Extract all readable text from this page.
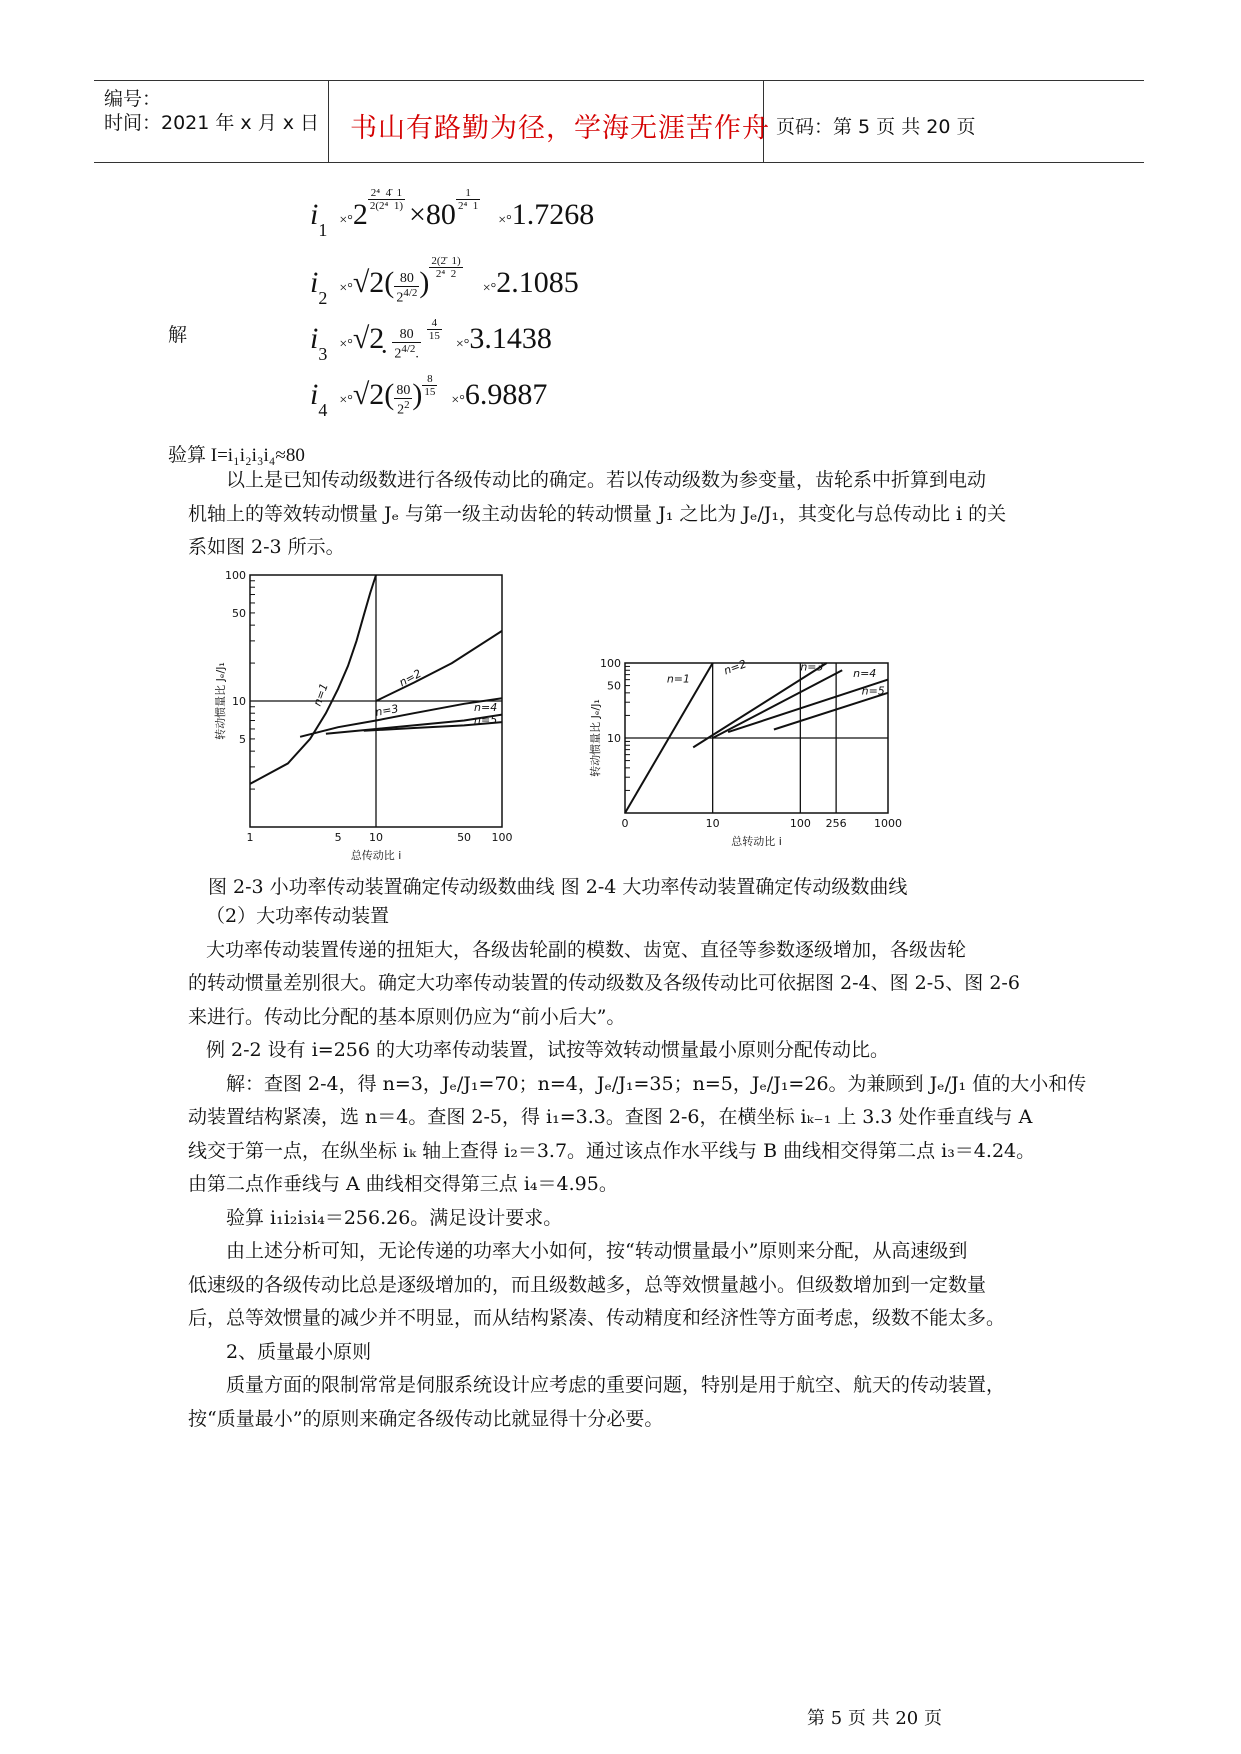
编号：
时间：2021 年 x 月 x 日 书山有路勤为径，学海无涯苦作舟 页码：第 5 页 共 20 页
解
i1 ×°2 $^{\frac{\text{2⁴  4̄  1}}{\text{2(2⁴  1)}}}$ ×80 $^{\frac{1}{\text{2⁴  1}}}$
×°1.7268
$i2 \times^\circ√2( \frac{80}{2^{4/2}}$ ) $^{\frac{2(2̄ 1)}{\text{2⁴  2}}}$
×°2.1085
i3 ×°√2̣ $\frac{80}{2^{4/2}.} ^{\frac{4}{15}}$
×°3.1438
$i4 \times^\circ√2( \frac{80}{2^2}$ ) $^{\frac{8}{15}}$
×°6.9887
验算 I=i₁i₂i₃i₄≈80
以上是已知传动级数进行各级传动比的确定。若以传动级数为参变量，齿轮系中折算到电动
机轴上的等效转动惯量 Jₑ 与第一级主动齿轮的转动惯量 J₁ 之比为 Jₑ/J₁，其变化与总传动比 i 的关
系如图 2-3 所示。
1	5 10	50 100
100
50
10
5
总传动比 i
转动惯量比 Jₑ/J₁	n=1
n=2
n=3	n=4
n=5
0	10	100 256 1000
100
50
10
总转动比 i
转动惯量比 Jₑ/J₁
n=1
n=2	n=3
n=4
n=5
图 2-3 小功率传动装置确定传动级数曲线 图 2-4 大功率传动装置确定传动级数曲线
（2）大功率传动装置
大功率传动装置传递的扭矩大，各级齿轮副的模数、齿宽、直径等参数逐级增加，各级齿轮
的转动惯量差别很大。确定大功率传动装置的传动级数及各级传动比可依据图 2-4、图 2-5、图 2-6
来进行。传动比分配的基本原则仍应为“前小后大”。
例 2-2 设有 i=256 的大功率传动装置，试按等效转动惯量最小原则分配传动比。
解：查图 2-4，得 n=3，Jₑ/J₁=70；n=4，Jₑ/J₁=35；n=5，Jₑ/J₁=26。为兼顾到 Jₑ/J₁ 值的大小和传
动装置结构紧凑，选 n＝4。查图 2-5，得 i₁=3.3。查图 2-6，在横坐标 iₖ₋₁ 上 3.3 处作垂直线与 A
线交于第一点，在纵坐标 iₖ 轴上查得 i₂＝3.7。通过该点作水平线与 B 曲线相交得第二点 i₃＝4.24。
由第二点作垂线与 A 曲线相交得第三点 i₄＝4.95。
验算 i₁i₂i₃i₄＝256.26。满足设计要求。
由上述分析可知，无论传递的功率大小如何，按“转动惯量最小”原则来分配，从高速级到
低速级的各级传动比总是逐级增加的，而且级数越多，总等效惯量越小。但级数增加到一定数量
后，总等效惯量的减少并不明显，而从结构紧凑、传动精度和经济性等方面考虑，级数不能太多。
2、质量最小原则
质量方面的限制常常是伺服系统设计应考虑的重要问题，特别是用于航空、航天的传动装置，
按“质量最小”的原则来确定各级传动比就显得十分必要。
第 5 页 共 20 页
